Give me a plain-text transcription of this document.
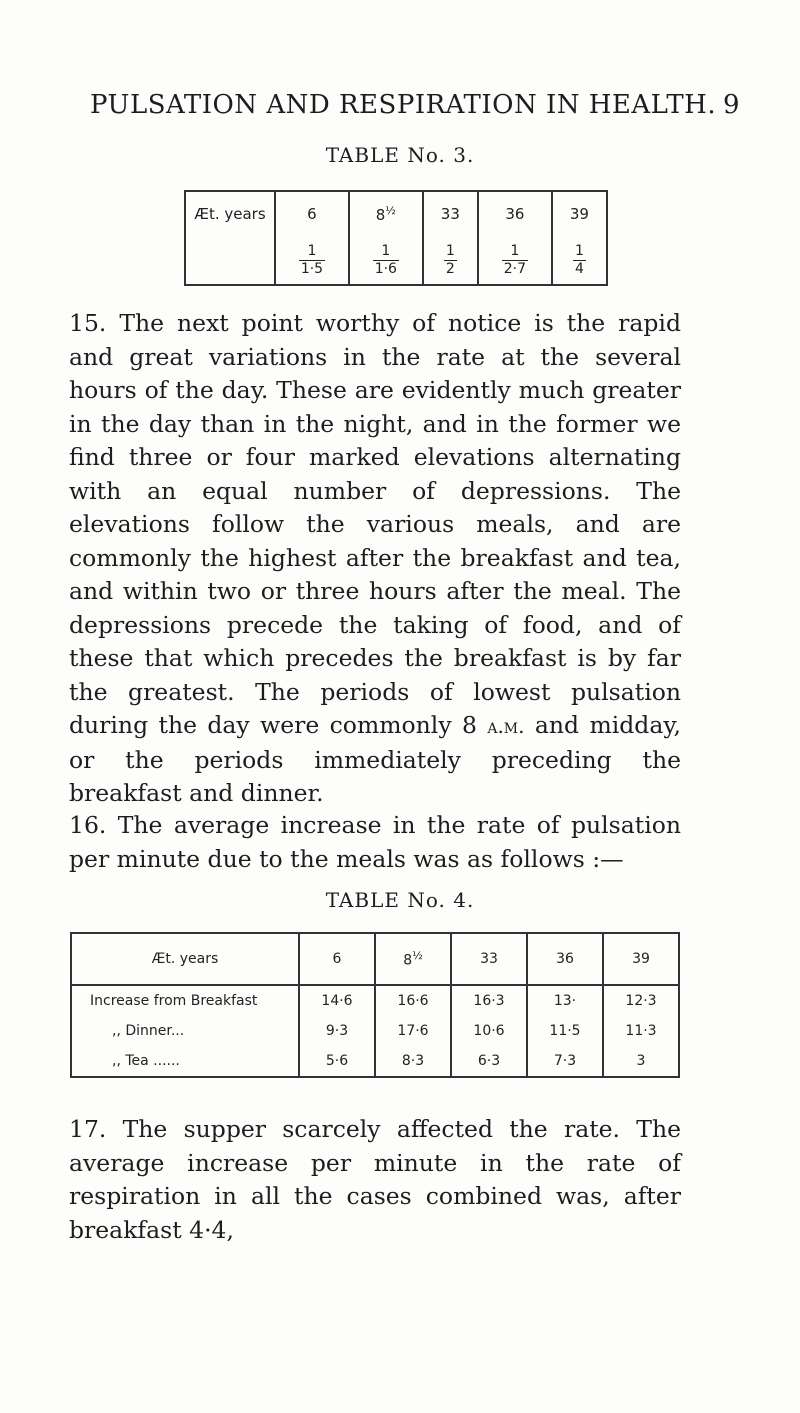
PULSATION AND RESPIRATION IN HEALTH. 9
TABLE No. 3.
Æt. years	6	$8^{\frac{1}{2}}$	33	36	39

	$\frac{1}{1\cdot 5}$	$\frac{1}{1\cdot 6}$	$\frac{1}{2}$	$\frac{1}{2\cdot 7}$	$\frac{1}{4}$

15. The next point worthy of notice is the rapid and great variations in the rate at the several hours of the day. These are evidently much greater in the day than in the night, and in the former we find three or four marked elevations alternating with an equal number of depressions. The elevations follow the various meals, and are commonly the highest after the breakfast and tea, and within two or three hours after the meal. The depressions precede the taking of food, and of these that which precedes the breakfast is by far the greatest. The periods of lowest pulsation during the day were commonly 8 a.m. and midday, or the periods immediately preceding the breakfast and dinner.

16. The average increase in the rate of pulsation per minute due to the meals was as follows :—

TABLE No. 4.
Æt. years	6	$8^{\frac{1}{2}}$	33	36	39
Increase from Breakfast	14·6	16·6	16·3	13·	12·3
,, Dinner...	9·3	17·6	10·6	11·5	11·3
,, Tea ......	5·6	8·3	6·3	7·3	3

17. The supper scarcely affected the rate. The average increase per minute in the rate of respiration in all the cases combined was, after breakfast 4·4,
